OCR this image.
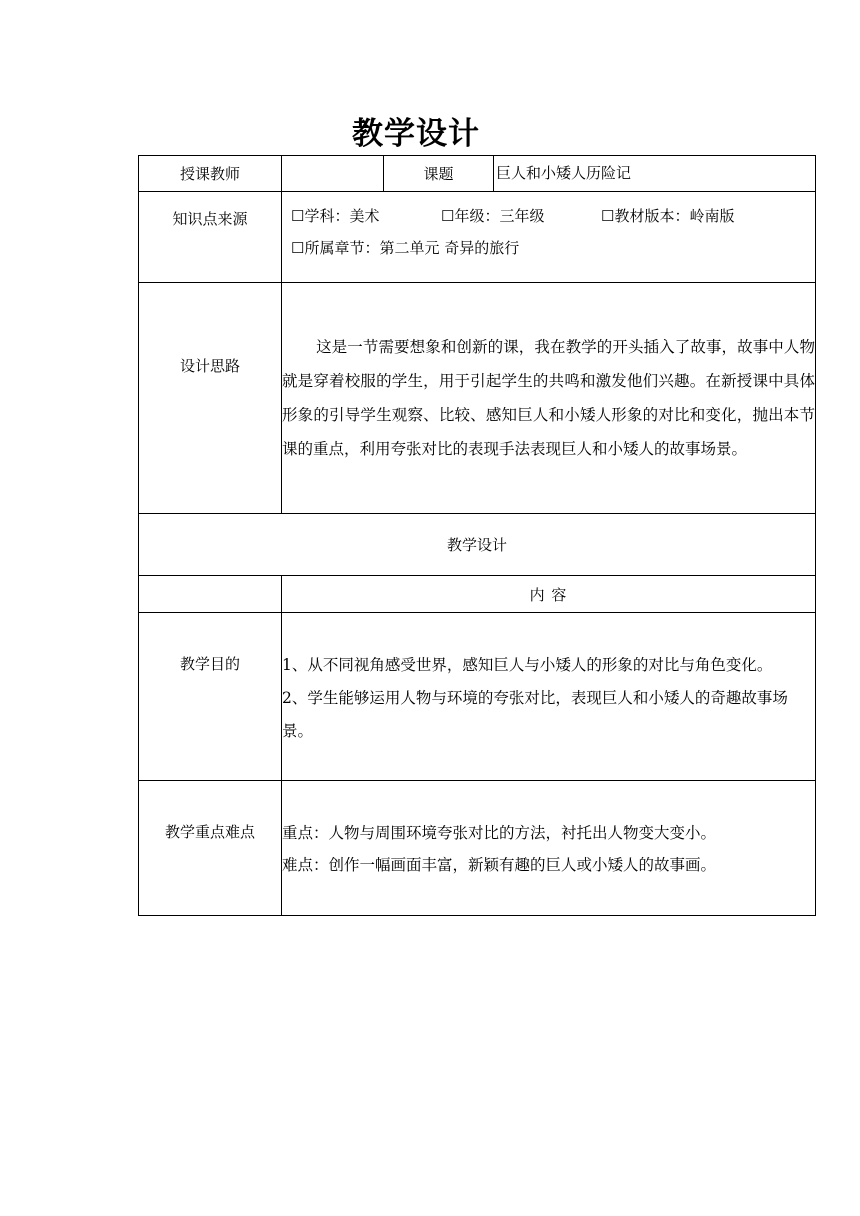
教学设计
授课教师		课题	巨人和小矮人历险记
知识点来源	☐学科：美术 ☐年级：三年级 ☐教材版本：岭南版
☐所属章节：第二单元 奇异的旅行		

设计思路	这是一节需要想象和创新的课，我在教学的开头插入了故事，故事中人物就是穿着校服的学生，用于引起学生的共鸣和激发他们兴趣。在新授课中具体形象的引导学生观察、比较、感知巨人和小矮人形象的对比和变化，抛出本节课的重点，利用夸张对比的表现手法表现巨人和小矮人的故事场景。		

教学设计			
	内 容		
教学目的	1、从不同视角感受世界，感知巨人与小矮人的形象的对比与角色变化。
2、学生能够运用人物与环境的夸张对比，表现巨人和小矮人的奇趣故事场景。		

教学重点难点	重点：人物与周围环境夸张对比的方法，衬托出人物变大变小。
难点：创作一幅画面丰富，新颖有趣的巨人或小矮人的故事画。		
